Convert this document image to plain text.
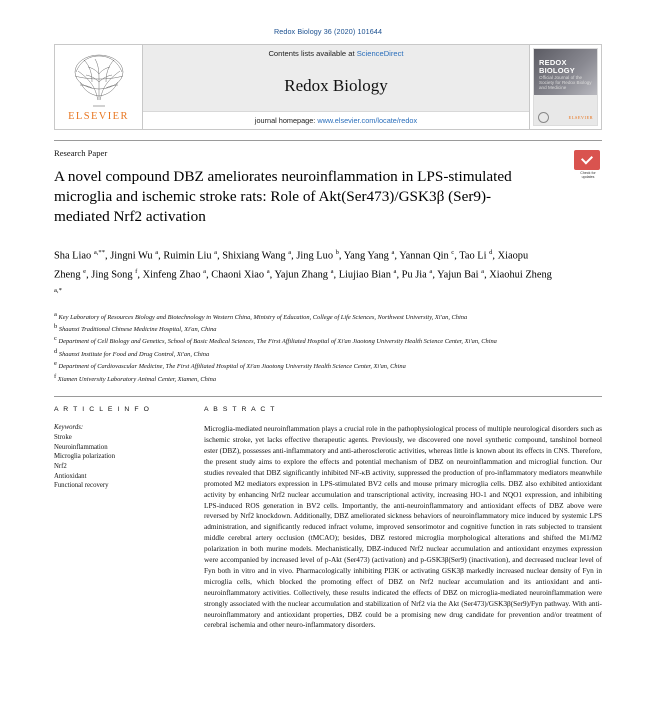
Redox Biology 36 (2020) 101644
ELSEVIER
Contents lists available at ScienceDirect
Redox Biology
journal homepage: www.elsevier.com/locate/redox
REDOX
BIOLOGY
Official Journal of the Society for Redox Biology and Medicine
ELSEVIER
Research Paper
Check for updates
A novel compound DBZ ameliorates neuroinflammation in LPS-stimulated microglia and ischemic stroke rats: Role of Akt(Ser473)/GSK3β (Ser9)-mediated Nrf2 activation
Sha Liao $^{a,**}$, Jingni Wu $^a$, Ruimin Liu $^a$, Shixiang Wang $^a$, Jing Luo $^b$, Yang Yang $^a$, Yannan Qin $^c$, Tao Li $^d$, Xiaopu Zheng $^e$, Jing Song $^f$, Xinfeng Zhao $^a$, Chaoni Xiao $^a$, Yajun Zhang $^a$, Liujiao Bian $^a$, Pu Jia $^a$, Yajun Bai $^a$, Xiaohui Zheng $^{a,*}$
$^a$ Key Laboratory of Resources Biology and Biotechnology in Western China, Ministry of Education, College of Life Sciences, Northwest University, Xi'an, China
$^b$ Shaanxi Traditional Chinese Medicine Hospital, Xi'an, China
$^c$ Department of Cell Biology and Genetics, School of Basic Medical Sciences, The First Affiliated Hospital of Xi'an Jiaotong University Health Science Center, Xi'an, China
$^d$ Shaanxi Institute for Food and Drug Control, Xi'an, China
$^e$ Department of Cardiovascular Medicine, The First Affiliated Hospital of Xi'an Jiaotong University Health Science Center, Xi'an, China
$^f$ Xiamen University Laboratory Animal Center, Xiamen, China
A R T I C L E I N F O
Keywords:
Stroke
Neuroinflammation
Microglia polarization
Nrf2
Antioxidant
Functional recovery
A B S T R A C T
Microglia-mediated neuroinflammation plays a crucial role in the pathophysiological process of multiple neurological disorders such as ischemic stroke, yet lacks effective therapeutic agents. Previously, we discovered one novel synthetic compound, tanshinol borneol ester (DBZ), possesses anti-inflammatory and anti-atherosclerotic activities, whereas little is known about its effects in CNS. Therefore, the present study aims to explore the effects and potential mechanism of DBZ on neuroinflammation and microglial function. Our studies revealed that DBZ significantly inhibited NF-κB activity, suppressed the production of pro-inflammatory mediators meanwhile promoted M2 mediators expression in LPS-stimulated BV2 cells and mouse primary microglia cells. DBZ also exhibited antioxidant activity by enhancing Nrf2 nuclear accumulation and transcriptional activity, increasing HO-1 and NQO1 expression, and inhibiting LPS-induced ROS generation in BV2 cells. Importantly, the anti-neuroinflammatory and antioxidant effects of DBZ above were reversed by Nrf2 knockdown. Additionally, DBZ ameliorated sickness behaviors of neuroinflammatory mice induced by systemic LPS administration, and significantly reduced infract volume, improved sensorimotor and cognitive function in rats subjected to transient middle cerebral artery occlusion (tMCAO); besides, DBZ restored microglia morphological alterations and shifted the M1/M2 polarization in both murine models. Mechanistically, DBZ-induced Nrf2 nuclear accumulation and antioxidant enzymes expression were accompanied by increased level of p-Akt (Ser473) (activation) and p-GSK3β(Ser9) (inactivation), and decreased nuclear level of Fyn both in vitro and in vivo. Pharmacologically inhibiting PI3K or activating GSK3β markedly increased nuclear density of Fyn in microglia cells, which blocked the promoting effect of DBZ on Nrf2 nuclear accumulation and its antioxidant and anti-neuroinflammatory activities. Collectively, these results indicated the effects of DBZ on microglia-mediated neuroinflammation were strongly associated with the nuclear accumulation and stabilization of Nrf2 via the Akt (Ser473)/GSK3β(Ser9)/Fyn pathway. With anti-neuroinflammatory and antioxidant properties, DBZ could be a promising new drug candidate for prevention and/or treatment of cerebral ischemia and other neuro-inflammatory disorders.
